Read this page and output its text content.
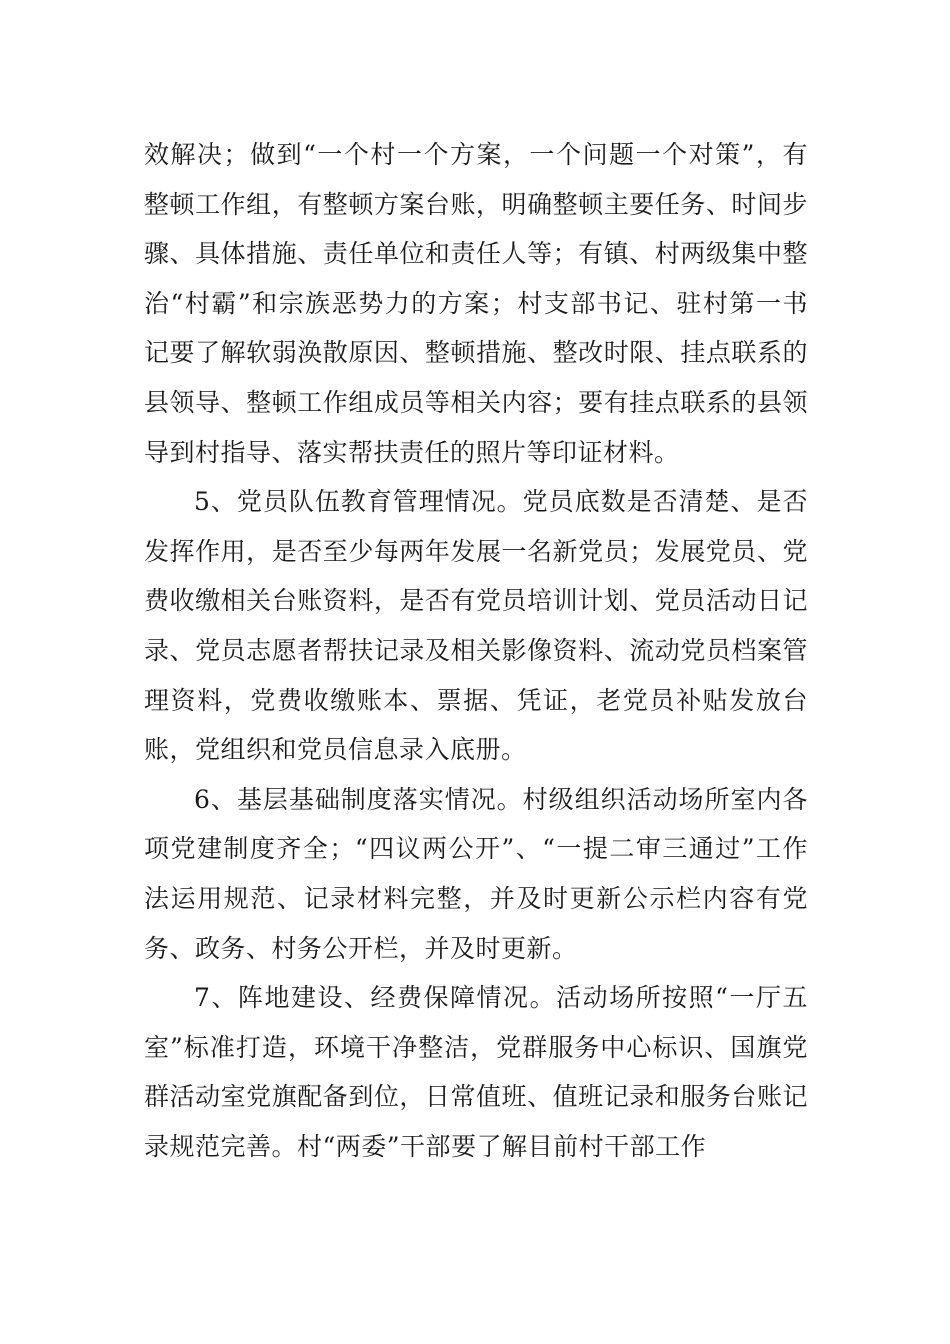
效解决；做到“一个村一个方案，一个问题一个对策”，有整顿工作组，有整顿方案台账，明确整顿主要任务、时间步骤、具体措施、责任单位和责任人等；有镇、村两级集中整治“村霸”和宗族恶势力的方案；村支部书记、驻村第一书记要了解软弱涣散原因、整顿措施、整改时限、挂点联系的县领导、整顿工作组成员等相关内容；要有挂点联系的县领导到村指导、落实帮扶责任的照片等印证材料。

5、党员队伍教育管理情况。党员底数是否清楚、是否发挥作用，是否至少每两年发展一名新党员；发展党员、党费收缴相关台账资料，是否有党员培训计划、党员活动日记录、党员志愿者帮扶记录及相关影像资料、流动党员档案管理资料，党费收缴账本、票据、凭证，老党员补贴发放台账，党组织和党员信息录入底册。

6、基层基础制度落实情况。村级组织活动场所室内各项党建制度齐全；“四议两公开”、“一提二审三通过”工作法运用规范、记录材料完整，并及时更新公示栏内容有党务、政务、村务公开栏，并及时更新。

7、阵地建设、经费保障情况。活动场所按照“一厅五室”标准打造，环境干净整洁，党群服务中心标识、国旗党群活动室党旗配备到位，日常值班、值班记录和服务台账记录规范完善。村“两委”干部要了解目前村干部工作
